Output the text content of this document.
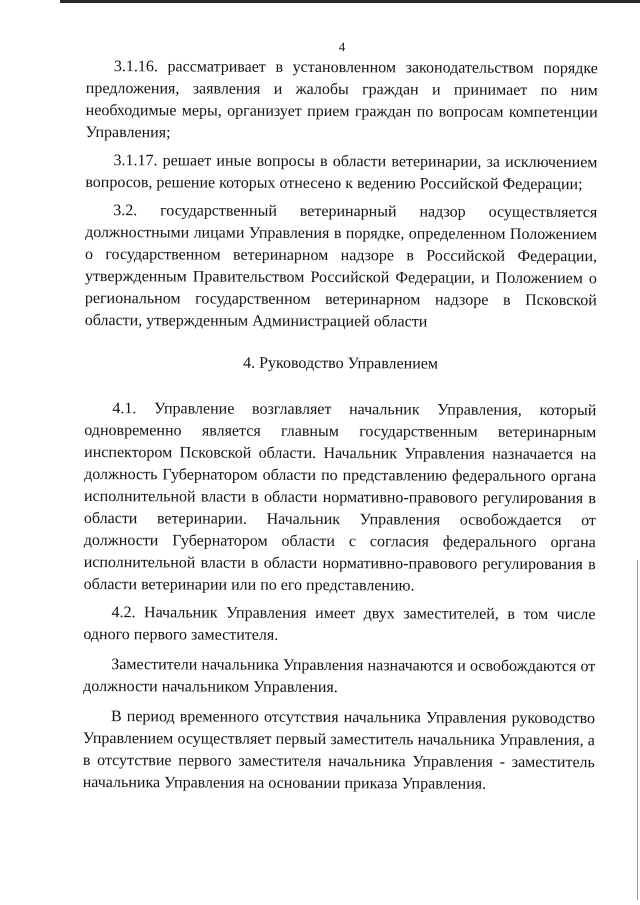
4

3.1.16. рассматривает в установленном законодательством порядке предложения, заявления и жалобы граждан и принимает по ним необходимые меры, организует прием граждан по вопросам компетенции Управления;

3.1.17. решает иные вопросы в области ветеринарии, за исключением вопросов, решение которых отнесено к ведению Российской Федерации;

3.2. государственный ветеринарный надзор осуществляется должностными лицами Управления в порядке, определенном Положением о государственном ветеринарном надзоре в Российской Федерации, утвержденным Правительством Российской Федерации, и Положением о региональном государственном ветеринарном надзоре в Псковской области, утвержденным Администрацией области

4. Руководство Управлением

4.1. Управление возглавляет начальник Управления, который одновременно является главным государственным ветеринарным инспектором Псковской области. Начальник Управления назначается на должность Губернатором области по представлению федерального органа исполнительной власти в области нормативно-правового регулирования в области ветеринарии. Начальник Управления освобождается от должности Губернатором области с согласия федерального органа исполнительной власти в области нормативно-правового регулирования в области ветеринарии или по его представлению.

4.2. Начальник Управления имеет двух заместителей, в том числе одного первого заместителя.

Заместители начальника Управления назначаются и освобождаются от должности начальником Управления.

В период временного отсутствия начальника Управления руководство Управлением осуществляет первый заместитель начальника Управления, а в отсутствие первого заместителя начальника Управления - заместитель начальника Управления на основании приказа Управления.
